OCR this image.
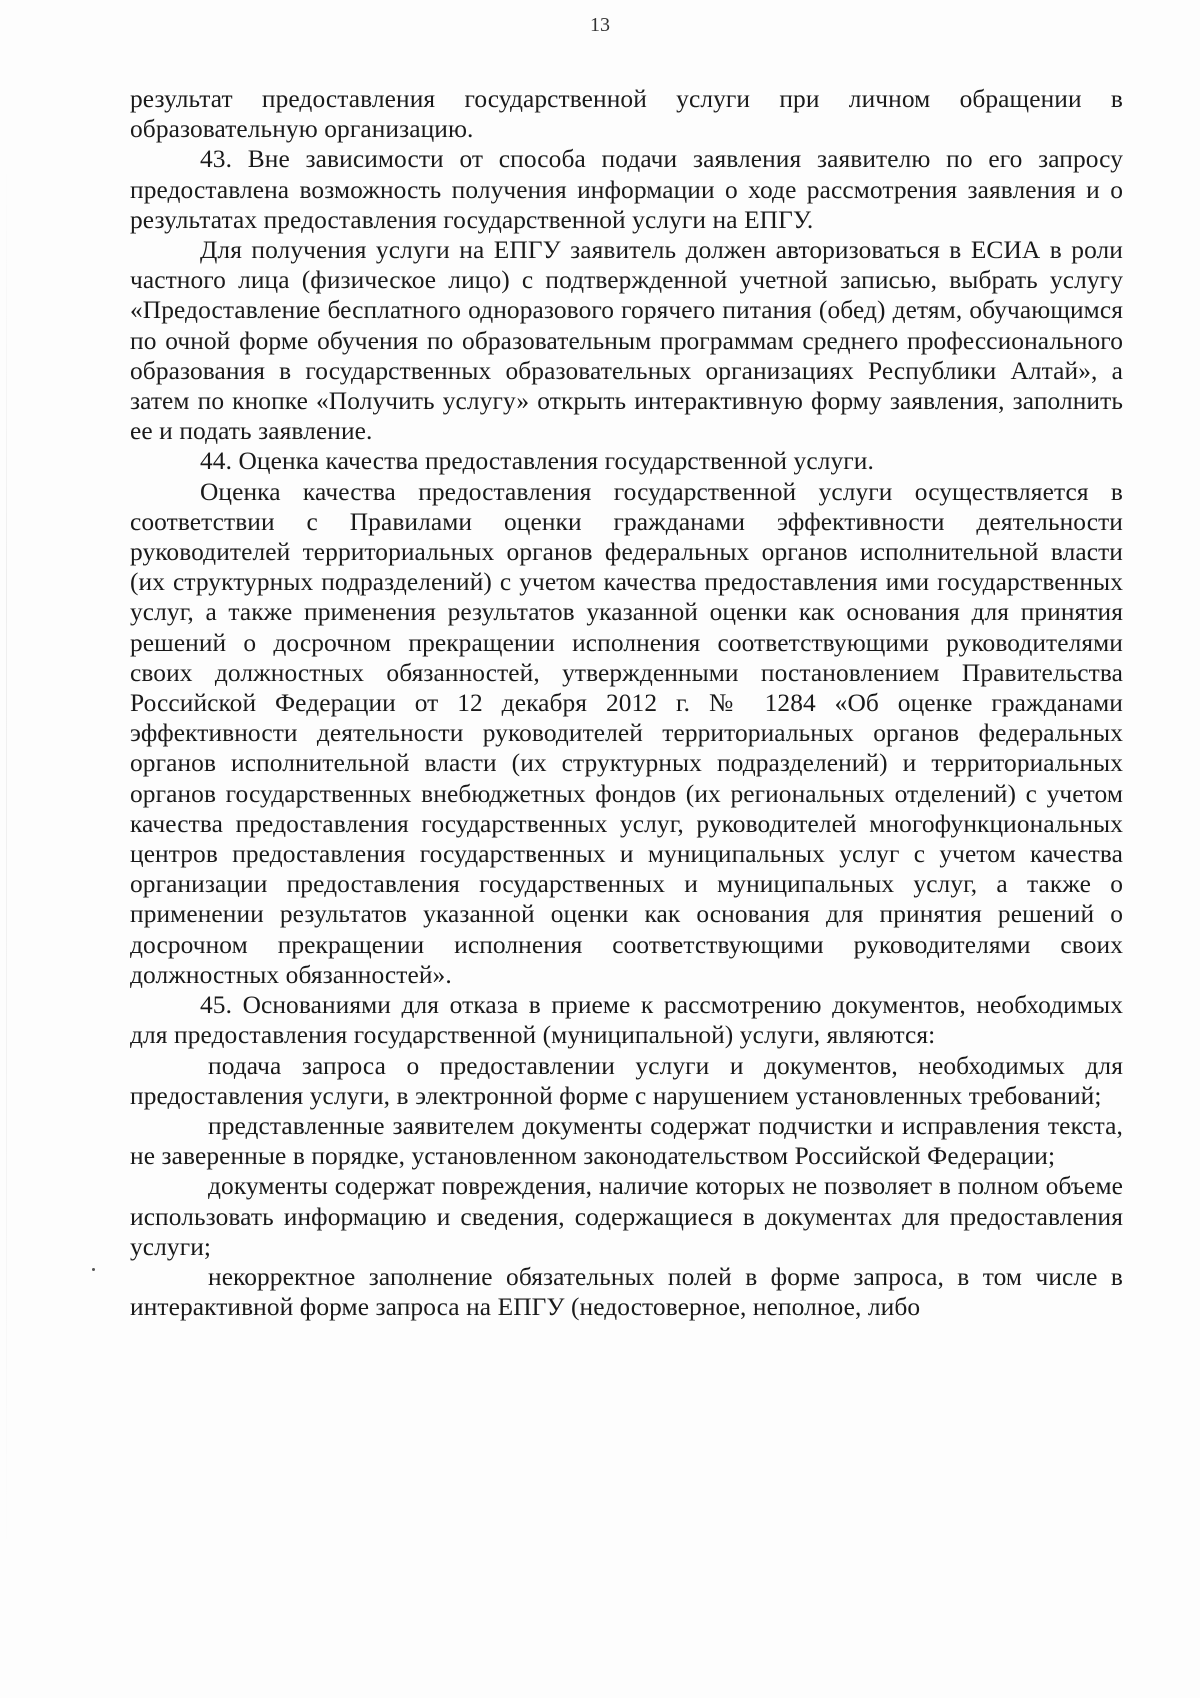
13

результат предоставления государственной услуги при личном обращении в образовательную организацию.

43. Вне зависимости от способа подачи заявления заявителю по его запросу предоставлена возможность получения информации о ходе рассмотрения заявления и о результатах предоставления государственной услуги на ЕПГУ.

Для получения услуги на ЕПГУ заявитель должен авторизоваться в ЕСИА в роли частного лица (физическое лицо) с подтвержденной учетной записью, выбрать услугу «Предоставление бесплатного одноразового горячего питания (обед) детям, обучающимся по очной форме обучения по образовательным программам среднего профессионального образования в государственных образовательных организациях Республики Алтай», а затем по кнопке «Получить услугу» открыть интерактивную форму заявления, заполнить ее и подать заявление.

44. Оценка качества предоставления государственной услуги.

Оценка качества предоставления государственной услуги осуществляется в соответствии с Правилами оценки гражданами эффективности деятельности руководителей территориальных органов федеральных органов исполнительной власти (их структурных подразделений) с учетом качества предоставления ими государственных услуг, а также применения результатов указанной оценки как основания для принятия решений о досрочном прекращении исполнения соответствующими руководителями своих должностных обязанностей, утвержденными постановлением Правительства Российской Федерации от 12 декабря 2012 г. № 1284 «Об оценке гражданами эффективности деятельности руководителей территориальных органов федеральных органов исполнительной власти (их структурных подразделений) и территориальных органов государственных внебюджетных фондов (их региональных отделений) с учетом качества предоставления государственных услуг, руководителей многофункциональных центров предоставления государственных и муниципальных услуг с учетом качества организации предоставления государственных и муниципальных услуг, а также о применении результатов указанной оценки как основания для принятия решений о досрочном прекращении исполнения соответствующими руководителями своих должностных обязанностей».

45. Основаниями для отказа в приеме к рассмотрению документов, необходимых для предоставления государственной (муниципальной) услуги, являются:

подача запроса о предоставлении услуги и документов, необходимых для предоставления услуги, в электронной форме с нарушением установленных требований;

представленные заявителем документы содержат подчистки и исправления текста, не заверенные в порядке, установленном законодательством Российской Федерации;

документы содержат повреждения, наличие которых не позволяет в полном объеме использовать информацию и сведения, содержащиеся в документах для предоставления услуги;

некорректное заполнение обязательных полей в форме запроса, в том числе в интерактивной форме запроса на ЕПГУ (недостоверное, неполное, либо
